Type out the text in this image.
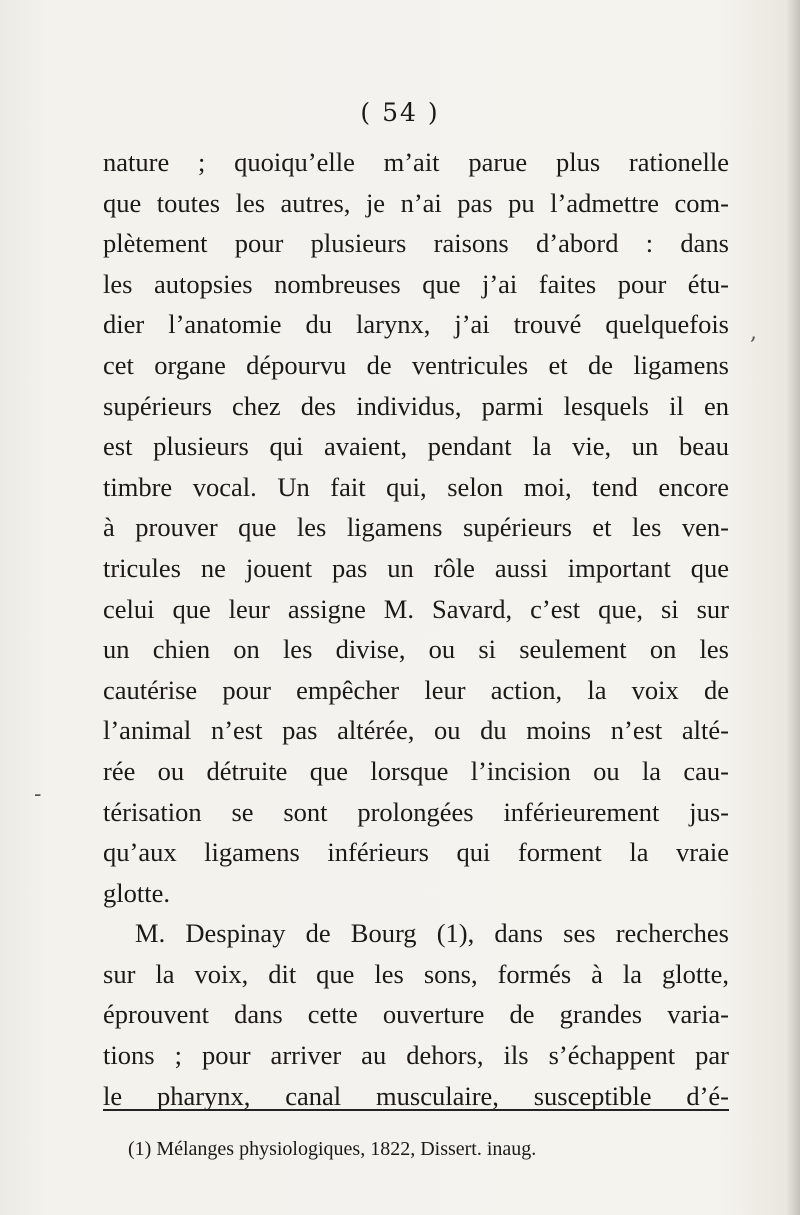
( 54 )
nature ; quoiqu’elle m’ait parue plus rationelle
que toutes les autres, je n’ai pas pu l’admettre com-
plètement pour plusieurs raisons d’abord : dans
les autopsies nombreuses que j’ai faites pour étu-
dier l’anatomie du larynx, j’ai trouvé quelquefois
cet organe dépourvu de ventricules et de ligamens
supérieurs chez des individus, parmi lesquels il en
est plusieurs qui avaient, pendant la vie, un beau
timbre vocal. Un fait qui, selon moi, tend encore
à prouver que les ligamens supérieurs et les ven-
tricules ne jouent pas un rôle aussi important que
celui que leur assigne M. Savard, c’est que, si sur
un chien on les divise, ou si seulement on les
cautérise pour empêcher leur action, la voix de
l’animal n’est pas altérée, ou du moins n’est alté-
rée ou détruite que lorsque l’incision ou la cau-
térisation se sont prolongées inférieurement jus-
qu’aux ligamens inférieurs qui forment la vraie
glotte.
M. Despinay de Bourg (1), dans ses recherches
sur la voix, dit que les sons, formés à la glotte,
éprouvent dans cette ouverture de grandes varia-
tions ; pour arriver au dehors, ils s’échappent par
le pharynx, canal musculaire, susceptible d’é-
(1) Mélanges physiologiques, 1822, Dissert. inaug.
-
,
